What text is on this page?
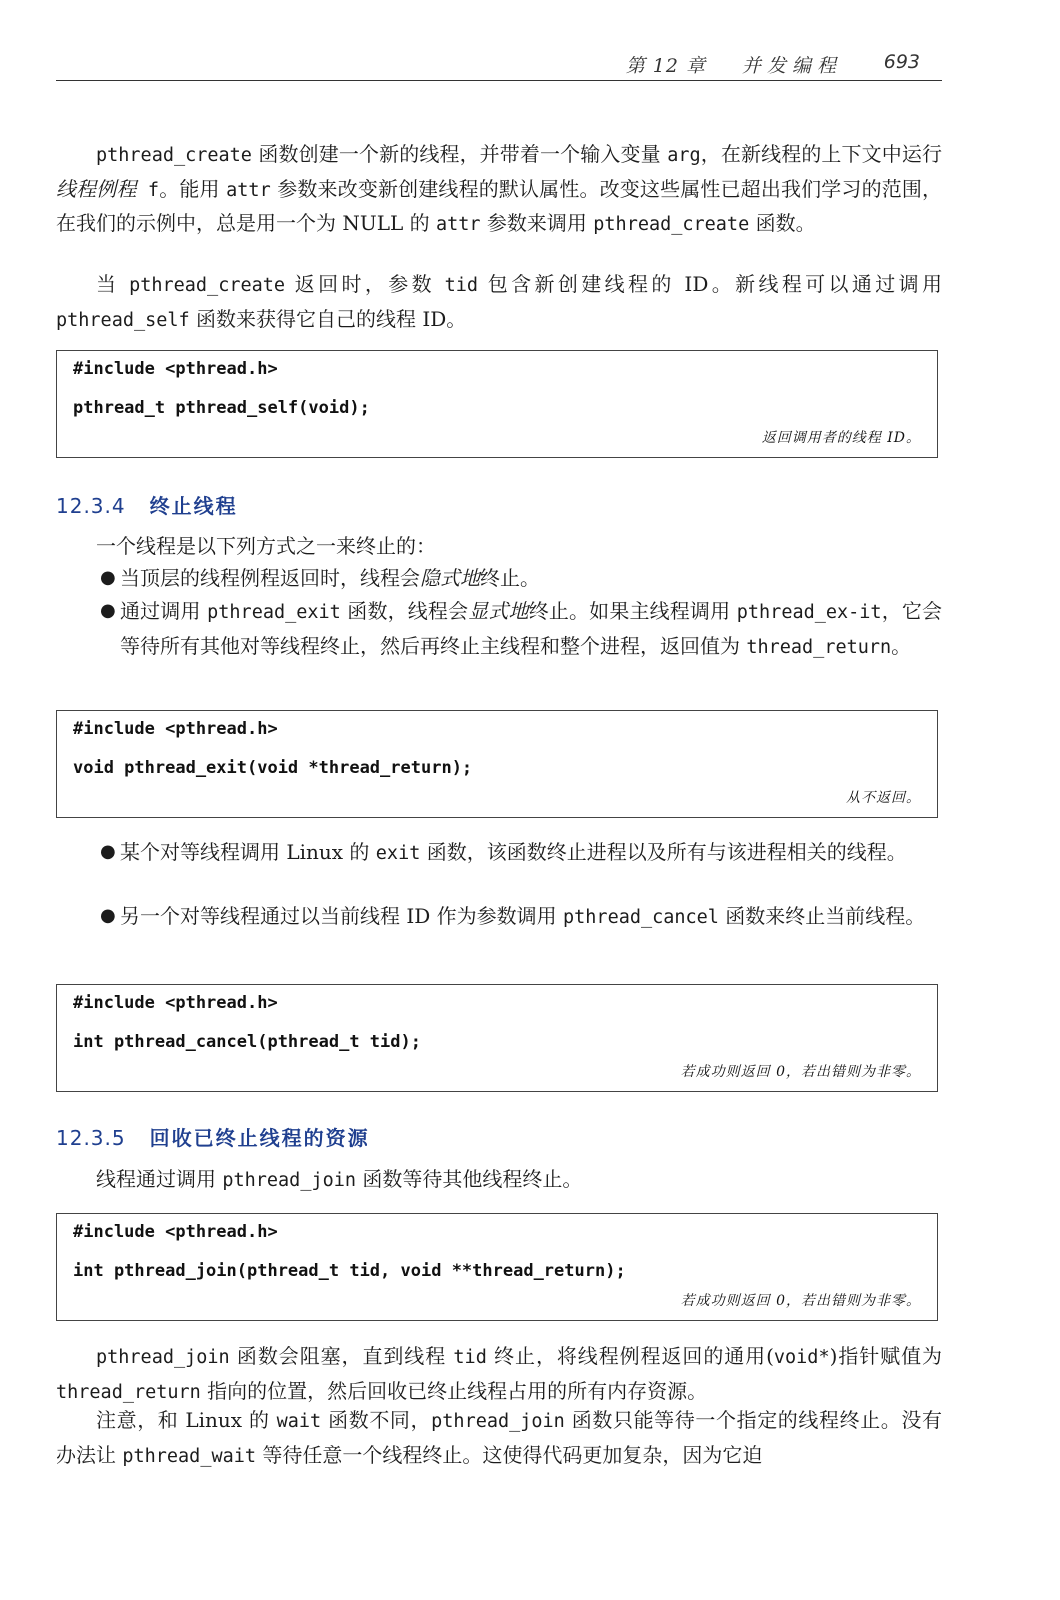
第 12 章 并发编程 693

pthread_create 函数创建一个新的线程，并带着一个输入变量 arg，在新线程的上下文中运行线程例程 f。能用 attr 参数来改变新创建线程的默认属性。改变这些属性已超出我们学习的范围，在我们的示例中，总是用一个为 NULL 的 attr 参数来调用 pthread_create 函数。

当 pthread_create 返回时，参数 tid 包含新创建线程的 ID。新线程可以通过调用 pthread_self 函数来获得它自己的线程 ID。

#include <pthread.h>
pthread_t pthread_self(void);
返回调用者的线程 ID。
12.3.4 终止线程

一个线程是以下列方式之一来终止的：

● 当顶层的线程例程返回时，线程会隐式地终止。
● 通过调用 pthread_exit 函数，线程会显式地终止。如果主线程调用 pthread_ex-it，它会等待所有其他对等线程终止，然后再终止主线程和整个进程，返回值为 thread_return。
#include <pthread.h>
void pthread_exit(void *thread_return);
从不返回。
● 某个对等线程调用 Linux 的 exit 函数，该函数终止进程以及所有与该进程相关的线程。
● 另一个对等线程通过以当前线程 ID 作为参数调用 pthread_cancel 函数来终止当前线程。
#include <pthread.h>
int pthread_cancel(pthread_t tid);
若成功则返回 0，若出错则为非零。
12.3.5 回收已终止线程的资源

线程通过调用 pthread_join 函数等待其他线程终止。

#include <pthread.h>
int pthread_join(pthread_t tid, void **thread_return);
若成功则返回 0，若出错则为非零。

pthread_join 函数会阻塞，直到线程 tid 终止，将线程例程返回的通用(void*)指针赋值为 thread_return 指向的位置，然后回收已终止线程占用的所有内存资源。

注意，和 Linux 的 wait 函数不同，pthread_join 函数只能等待一个指定的线程终止。没有办法让 pthread_wait 等待任意一个线程终止。这使得代码更加复杂，因为它迫
